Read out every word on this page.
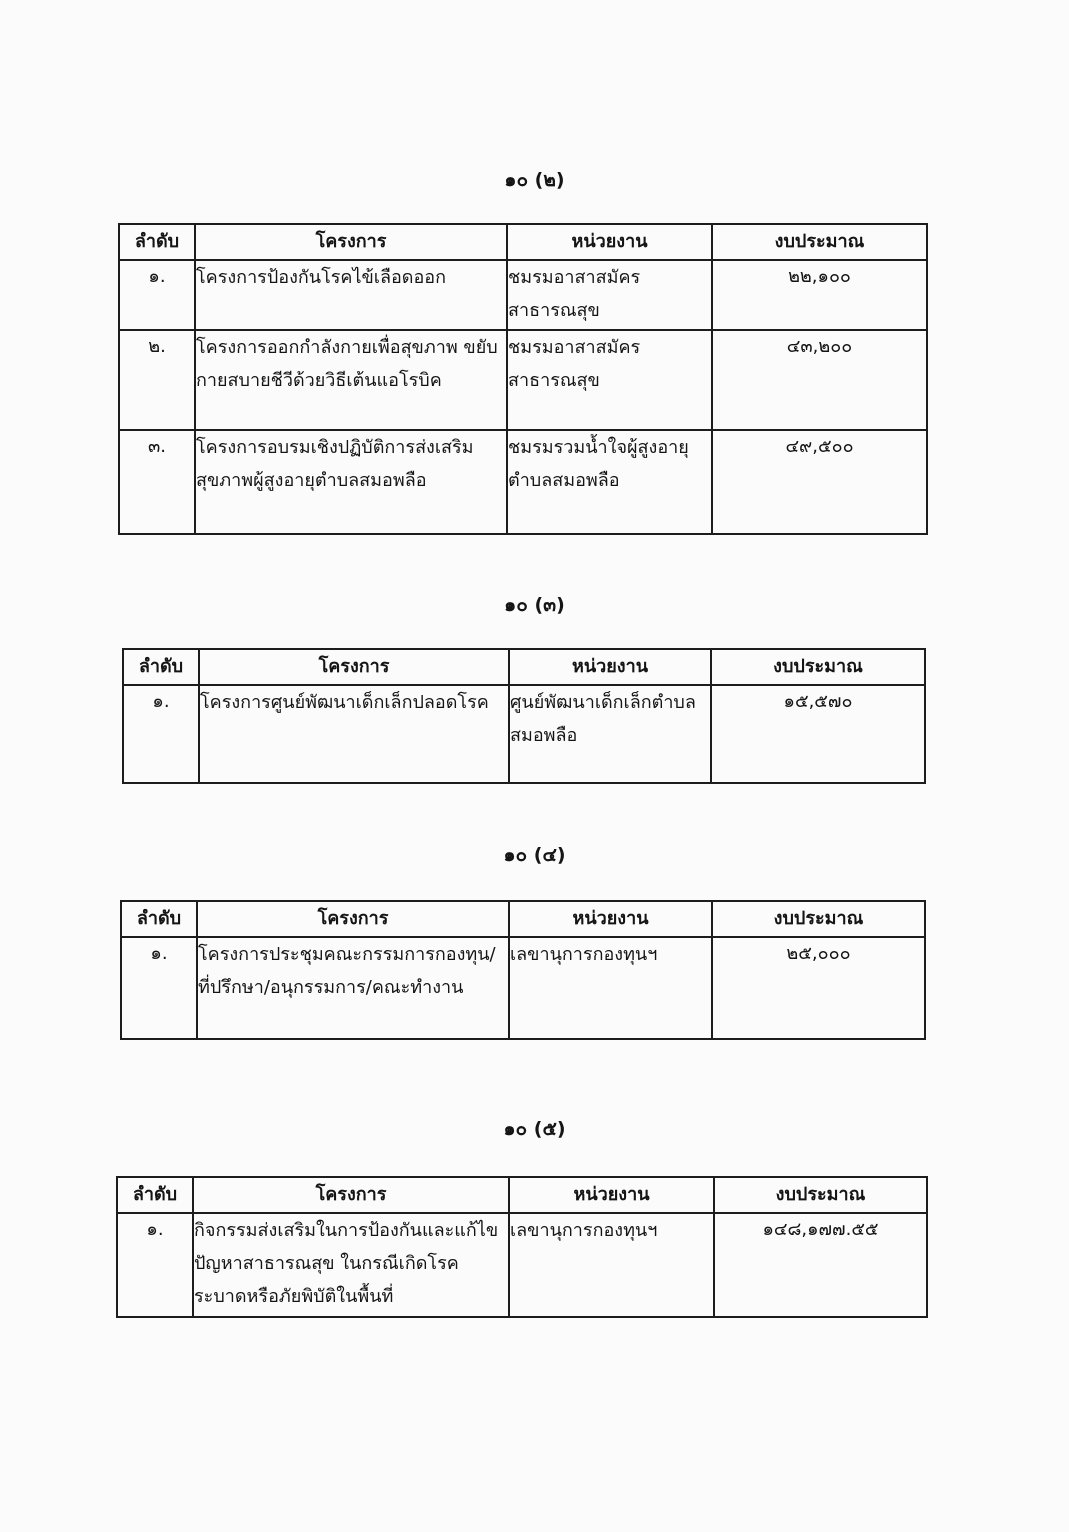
๑๐ (๒)
ลำดับ	โครงการ	หน่วยงาน	งบประมาณ
๑.	โครงการป้องกันโรคไข้เลือดออก	ชมรมอาสาสมัคร สาธารณสุข	๒๒,๑๐๐
๒.	โครงการออกกำลังกายเพื่อสุขภาพ ขยับ กายสบายชีวีด้วยวิธีเต้นแอโรบิค	ชมรมอาสาสมัคร สาธารณสุข	๔๓,๒๐๐
๓.	โครงการอบรมเชิงปฏิบัติการส่งเสริม สุขภาพผู้สูงอายุตำบลสมอพลือ	ชมรมรวมน้ำใจผู้สูงอายุ ตำบลสมอพลือ	๔๙,๕๐๐
๑๐ (๓)
ลำดับ	โครงการ	หน่วยงาน	งบประมาณ
๑.	โครงการศูนย์พัฒนาเด็กเล็กปลอดโรค	ศูนย์พัฒนาเด็กเล็กตำบล สมอพลือ	๑๕,๕๗๐
๑๐ (๔)
ลำดับ	โครงการ	หน่วยงาน	งบประมาณ
๑.	โครงการประชุมคณะกรรมการกองทุน/ ที่ปรึกษา/อนุกรรมการ/คณะทำงาน	เลขานุการกองทุนฯ	๒๕,๐๐๐
๑๐ (๕)
ลำดับ	โครงการ	หน่วยงาน	งบประมาณ
๑.	กิจกรรมส่งเสริมในการป้องกันและแก้ไข ปัญหาสาธารณสุข ในกรณีเกิดโรค ระบาดหรือภัยพิบัติในพื้นที่	เลขานุการกองทุนฯ	๑๔๘,๑๗๗.๕๕
